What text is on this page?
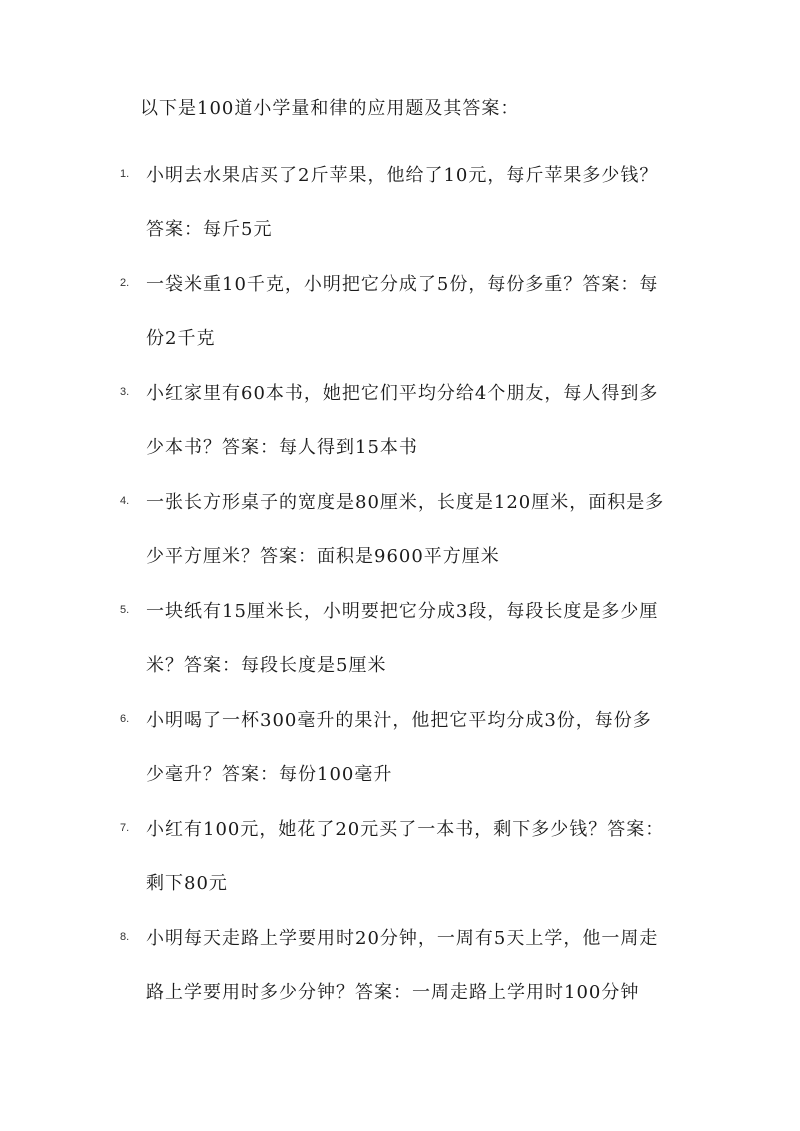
以下是100道小学量和律的应用题及其答案：
1. 小明去水果店买了2斤苹果，他给了10元，每斤苹果多少钱？
答案：每斤5元
2. 一袋米重10千克，小明把它分成了5份，每份多重？答案：每
份2千克
3. 小红家里有60本书，她把它们平均分给4个朋友，每人得到多
少本书？答案：每人得到15本书
4. 一张长方形桌子的宽度是80厘米，长度是120厘米，面积是多
少平方厘米？答案：面积是9600平方厘米
5. 一块纸有15厘米长，小明要把它分成3段，每段长度是多少厘
米？答案：每段长度是5厘米
6. 小明喝了一杯300毫升的果汁，他把它平均分成3份，每份多
少毫升？答案：每份100毫升
7. 小红有100元，她花了20元买了一本书，剩下多少钱？答案：
剩下80元
8. 小明每天走路上学要用时20分钟，一周有5天上学，他一周走
路上学要用时多少分钟？答案：一周走路上学用时100分钟
